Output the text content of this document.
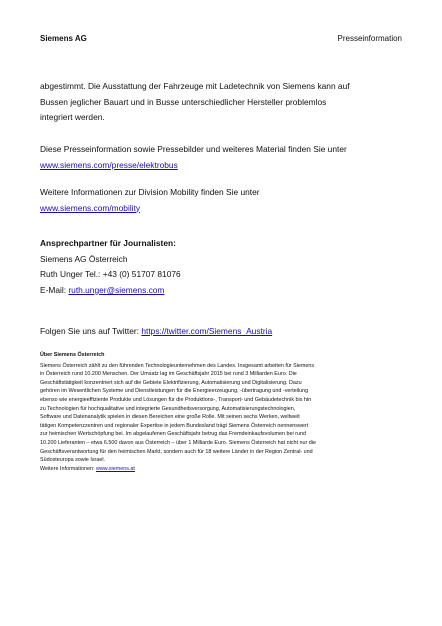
Siemens AG	Presseinformation

abgestimmt. Die Ausstattung der Fahrzeuge mit Ladetechnik von Siemens kann auf

Bussen jeglicher Bauart und in Busse unterschiedlicher Hersteller problemlos

integriert werden.

Diese Presseinformation sowie Pressebilder und weiteres Material finden Sie unter

www.siemens.com/presse/elektrobus

Weitere Informationen zur Division Mobility finden Sie unter

www.siemens.com/mobility

Ansprechpartner für Journalisten:

Siemens AG Österreich

Ruth Unger Tel.: +43 (0) 51707 81076

E-Mail: ruth.unger@siemens.com

Folgen Sie uns auf Twitter: https://twitter.com/Siemens_Austria

Über Siemens Österreich

Siemens Österreich zählt zu den führenden Technologieunternehmen des Landes. Insgesamt arbeiten für Siemens

in Österreich rund 10.200 Menschen. Der Umsatz lag im Geschäftsjahr 2015 bei rund 3 Milliarden Euro. Die

Geschäftstätigkeit konzentriert sich auf die Gebiete Elektrifizierung, Automatisierung und Digitalisierung. Dazu

gehören im Wesentlichen Systeme und Dienstleistungen für die Energieerzeugung, -übertragung und -verteilung

ebenso wie energieeffiziente Produkte und Lösungen für die Produktions-, Transport- und Gebäudetechnik bis hin

zu Technologien für hochqualitative und integrierte Gesundheitsversorgung, Automatisierungstechnologien,

Software und Datenanalytik spielen in diesen Bereichen eine große Rolle. Mit seinen sechs Werken, weltweit

tätigen Kompetenzzentren und regionaler Expertise in jedem Bundesland trägt Siemens Österreich nennenswert

zur heimischen Wertschöpfung bei. Im abgelaufenen Geschäftsjahr betrug das Fremdeinkaufsvolumen bei rund

10.200 Lieferanten – etwa 6.500 davon aus Österreich – über 1 Milliarde Euro. Siemens Österreich hat nicht nur die

Geschäftsverantwortung für den heimischen Markt, sondern auch für 18 weitere Länder in der Region Zentral- und

Südosteuropa sowie Israel.

Weitere Informationen: www.siemens.at
